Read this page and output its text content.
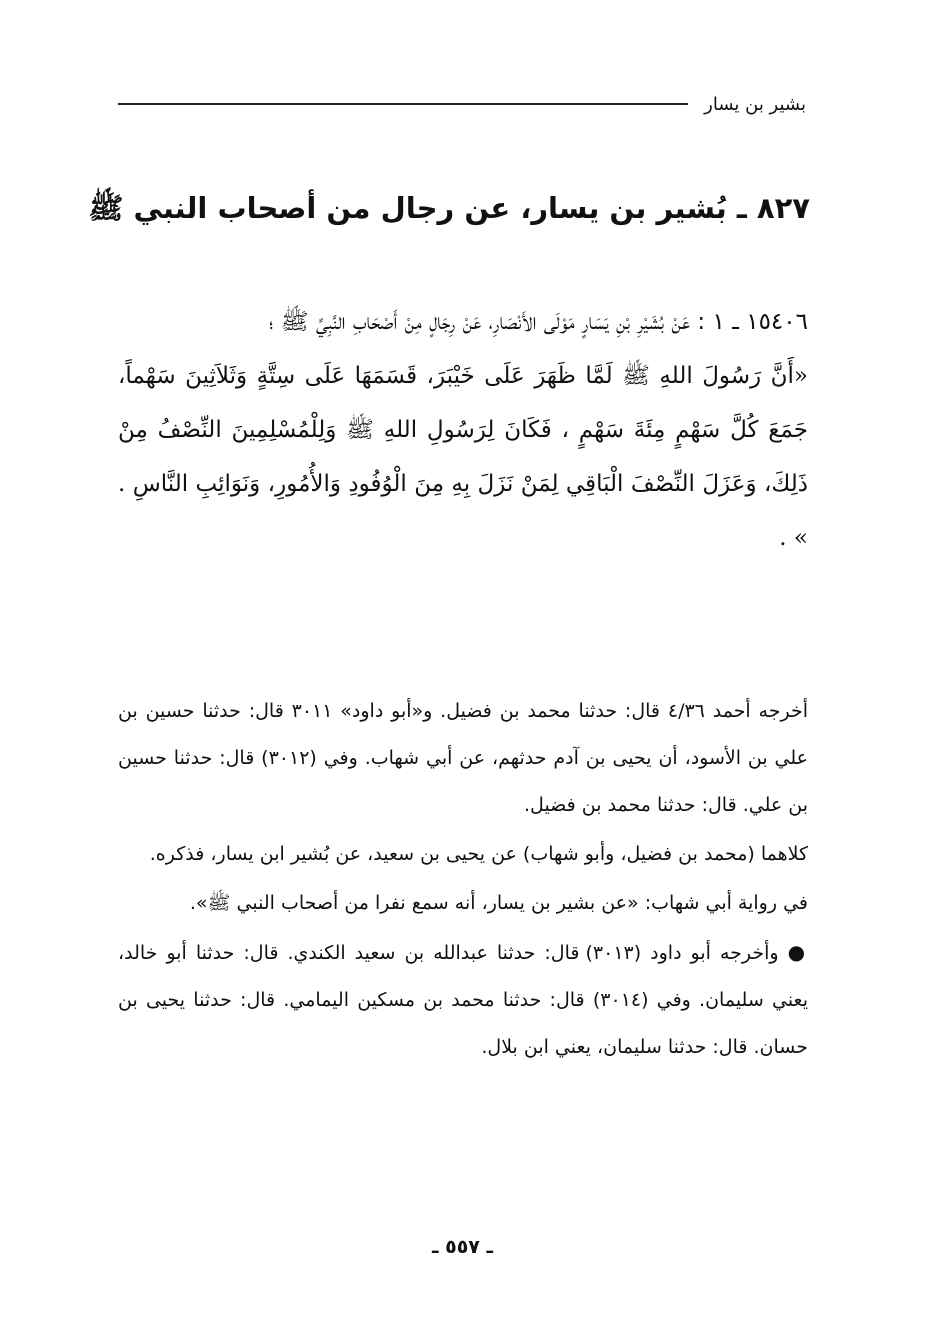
بشير بن يسار
٨٢٧ ـ بُشير بن يسار، عن رجال من أصحاب النبي ﷺ

١٥٤٠٦ ـ ١ : عَنْ بُشَيْرِ بْنِ يَسَارٍ مَوْلَى الأَنْصَارِ، عَنْ رِجَالٍ مِنْ أَصْحَابِ النَّبِيِّ ﷺ ؛

«أَنَّ رَسُولَ اللهِ ﷺ لَمَّا ظَهَرَ عَلَى خَيْبَرَ، قَسَمَهَا عَلَى سِتَّةٍ وَثَلاَثِينَ سَهْماً، جَمَعَ كُلَّ سَهْمٍ مِئَةَ سَهْمٍ ، فَكَانَ لِرَسُولِ اللهِ ﷺ وَلِلْمُسْلِمِينَ النِّصْفُ مِنْ ذَلِكَ، وَعَزَلَ النِّصْفَ الْبَاقِي لِمَنْ نَزَلَ بِهِ مِنَ الْوُفُودِ وَالأُمُورِ، وَنَوَائِبِ النَّاسِ . » .

أخرجه أحمد ٤/٣٦ قال: حدثنا محمد بن فضيل. و«أبو داود» ٣٠١١ قال: حدثنا حسين بن علي بن الأسود، أن يحيى بن آدم حدثهم، عن أبي شهاب. وفي (٣٠١٢) قال: حدثنا حسين بن علي. قال: حدثنا محمد بن فضيل.

كلاهما (محمد بن فضيل، وأبو شهاب) عن يحيى بن سعيد، عن بُشير ابن يسار، فذكره.

في رواية أبي شهاب: «عن بشير بن يسار، أنه سمع نفرا من أصحاب النبي ﷺ».

● وأخرجه أبو داود (٣٠١٣) قال: حدثنا عبدالله بن سعيد الكندي. قال: حدثنا أبو خالد، يعني سليمان. وفي (٣٠١٤) قال: حدثنا محمد بن مسكين اليمامي. قال: حدثنا يحيى بن حسان. قال: حدثنا سليمان، يعني ابن بلال.

ـ ٥٥٧ ـ
